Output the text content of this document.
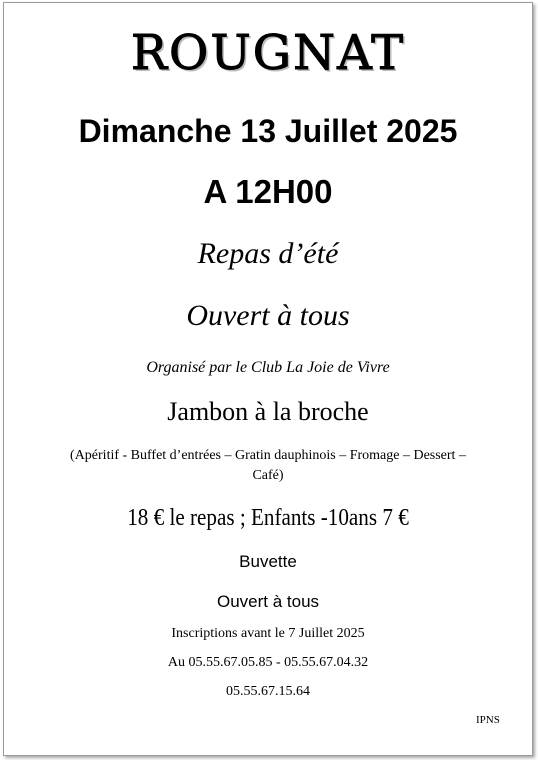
ROUGNAT
Dimanche 13 Juillet 2025
A 12H00
Repas d’été
Ouvert à tous
Organisé par le Club La Joie de Vivre
Jambon à la broche
(Apéritif - Buffet d’entrées – Gratin dauphinois – Fromage – Dessert –
Café)
18 € le repas ; Enfants -10ans 7 €
Buvette
Ouvert à tous
Inscriptions avant le 7 Juillet 2025
Au 05.55.67.05.85 - 05.55.67.04.32
05.55.67.15.64
IPNS
